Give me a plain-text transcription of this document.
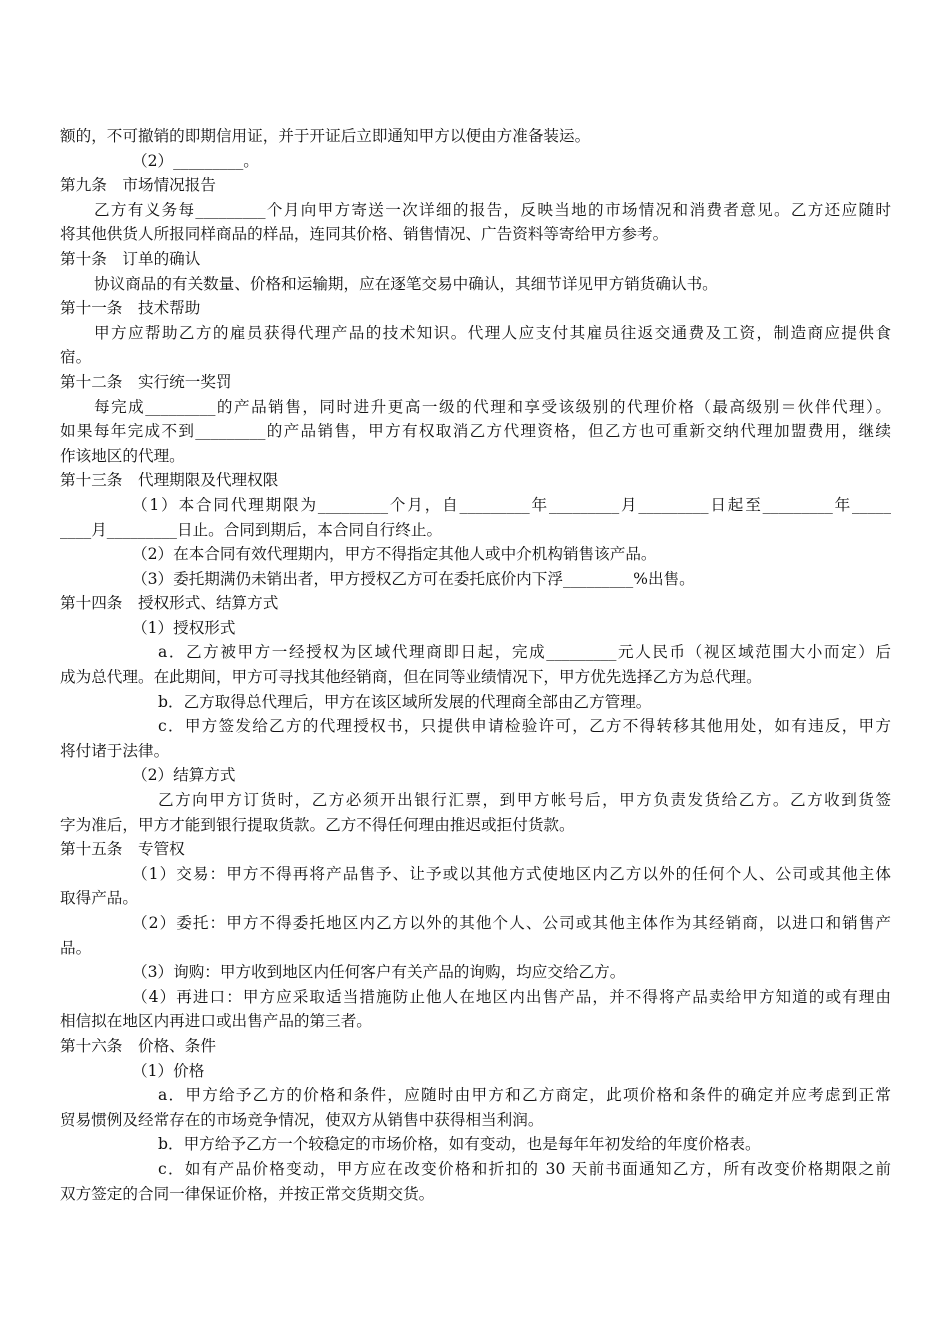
额的，不可撤销的即期信用证，并于开证后立即通知甲方以便由方准备装运。
（2）_________。
第九条　市场情况报告
乙方有义务每_________个月向甲方寄送一次详细的报告，反映当地的市场情况和消费者意见。乙方还应随时
将其他供货人所报同样商品的样品，连同其价格、销售情况、广告资料等寄给甲方参考。
第十条　订单的确认
协议商品的有关数量、价格和运输期，应在逐笔交易中确认，其细节详见甲方销货确认书。
第十一条　技术帮助
甲方应帮助乙方的雇员获得代理产品的技术知识。代理人应支付其雇员往返交通费及工资，制造商应提供食
宿。
第十二条　实行统一奖罚
每完成_________的产品销售，同时进升更高一级的代理和享受该级别的代理价格（最高级别＝伙伴代理）。
如果每年完成不到_________的产品销售，甲方有权取消乙方代理资格，但乙方也可重新交纳代理加盟费用，继续
作该地区的代理。
第十三条　代理期限及代理权限
（1）本合同代理期限为_________个月，自_________年_________月_________日起至_________年_____
____月_________日止。合同到期后，本合同自行终止。
（2）在本合同有效代理期内，甲方不得指定其他人或中介机构销售该产品。
（3）委托期满仍未销出者，甲方授权乙方可在委托底价内下浮_________%出售。
第十四条　授权形式、结算方式
（1）授权形式
a．乙方被甲方一经授权为区域代理商即日起，完成_________元人民币（视区域范围大小而定）后
成为总代理。在此期间，甲方可寻找其他经销商，但在同等业绩情况下，甲方优先选择乙方为总代理。
b．乙方取得总代理后，甲方在该区域所发展的代理商全部由乙方管理。
c．甲方签发给乙方的代理授权书，只提供申请检验许可，乙方不得转移其他用处，如有违反，甲方
将付诸于法律。
（2）结算方式
乙方向甲方订货时，乙方必须开出银行汇票，到甲方帐号后，甲方负责发货给乙方。乙方收到货签
字为准后，甲方才能到银行提取货款。乙方不得任何理由推迟或拒付货款。
第十五条　专管权
（1）交易：甲方不得再将产品售予、让予或以其他方式使地区内乙方以外的任何个人、公司或其他主体
取得产品。
（2）委托：甲方不得委托地区内乙方以外的其他个人、公司或其他主体作为其经销商，以进口和销售产
品。
（3）询购：甲方收到地区内任何客户有关产品的询购，均应交给乙方。
（4）再进口：甲方应采取适当措施防止他人在地区内出售产品，并不得将产品卖给甲方知道的或有理由
相信拟在地区内再进口或出售产品的第三者。
第十六条　价格、条件
（1）价格
a．甲方给予乙方的价格和条件，应随时由甲方和乙方商定，此项价格和条件的确定并应考虑到正常
贸易惯例及经常存在的市场竞争情况，使双方从销售中获得相当利润。
b．甲方给予乙方一个较稳定的市场价格，如有变动，也是每年年初发给的年度价格表。
c．如有产品价格变动，甲方应在改变价格和折扣的 30 天前书面通知乙方，所有改变价格期限之前
双方签定的合同一律保证价格，并按正常交货期交货。
